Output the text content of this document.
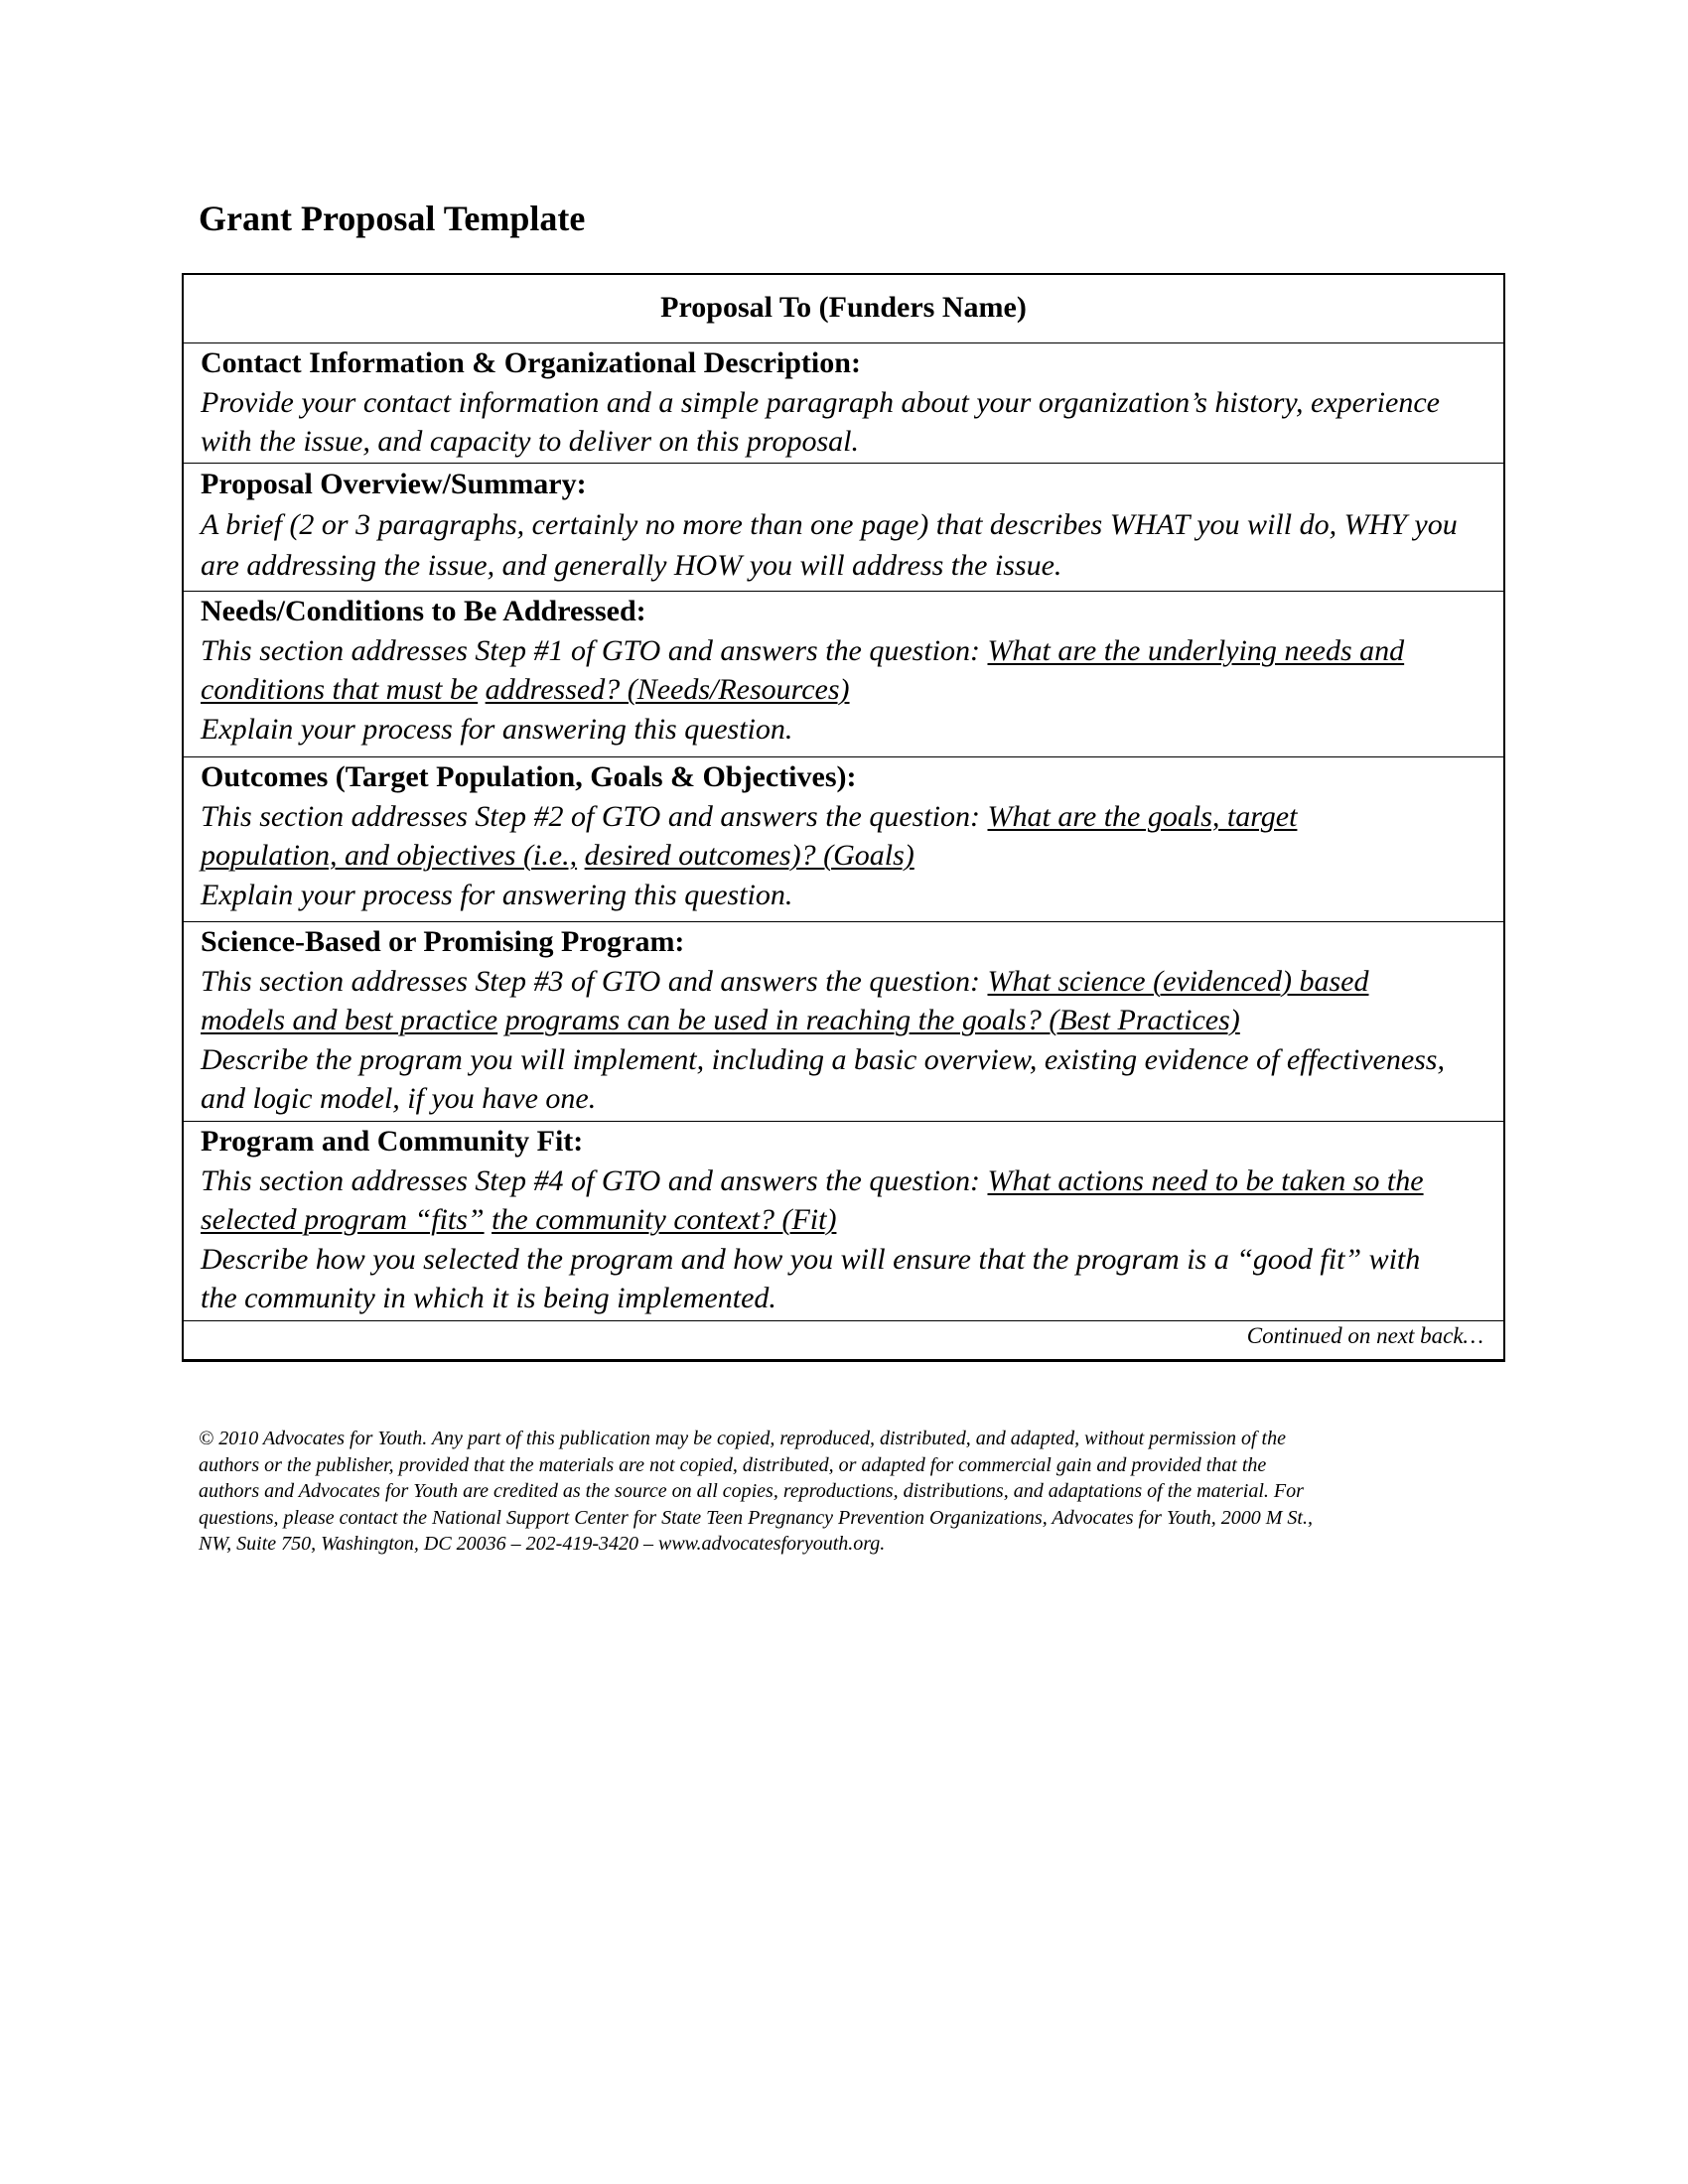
Grant Proposal Template
Proposal To (Funders Name)
Contact Information & Organizational Description:
Provide your contact information and a simple paragraph about your organization’s history, experience
with the issue, and capacity to deliver on this proposal.
Proposal Overview/Summary:
A brief (2 or 3 paragraphs, certainly no more than one page) that describes WHAT you will do, WHY you
are addressing the issue, and generally HOW you will address the issue.
Needs/Conditions to Be Addressed:
This section addresses Step #1 of GTO and answers the question: What are the underlying needs and
conditions that must be addressed? (Needs/Resources)
Explain your process for answering this question.
Outcomes (Target Population, Goals & Objectives):
This section addresses Step #2 of GTO and answers the question: What are the goals, target
population, and objectives (i.e., desired outcomes)? (Goals)
Explain your process for answering this question.
Science-Based or Promising Program:
This section addresses Step #3 of GTO and answers the question: What science (evidenced) based
models and best practice programs can be used in reaching the goals? (Best Practices)
Describe the program you will implement, including a basic overview, existing evidence of effectiveness,
and logic model, if you have one.
Program and Community Fit:
This section addresses Step #4 of GTO and answers the question: What actions need to be taken so the
selected program “fits” the community context? (Fit)
Describe how you selected the program and how you will ensure that the program is a “good fit” with
the community in which it is being implemented.
Continued on next back…
© 2010 Advocates for Youth. Any part of this publication may be copied, reproduced, distributed, and adapted, without permission of the
authors or the publisher, provided that the materials are not copied, distributed, or adapted for commercial gain and provided that the
authors and Advocates for Youth are credited as the source on all copies, reproductions, distributions, and adaptations of the material. For
questions, please contact the National Support Center for State Teen Pregnancy Prevention Organizations, Advocates for Youth, 2000 M St.,
NW, Suite 750, Washington, DC 20036 – 202-419-3420 – www.advocatesforyouth.org.
